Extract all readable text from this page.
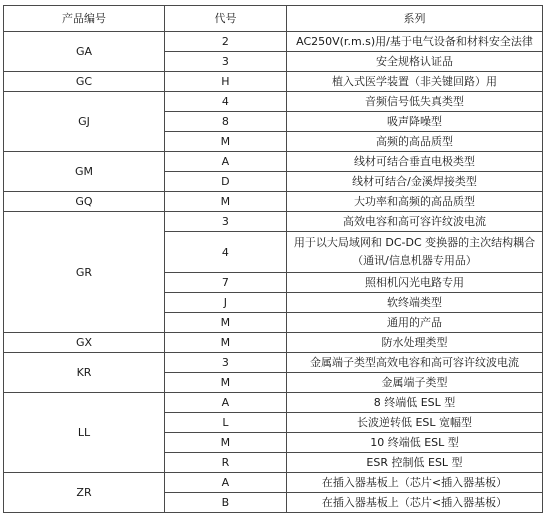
产品编号	代号	系列
GA	2	AC250V(r.m.s)用/基于电气设备和材料安全法律
	3	安全规格认证品
GC	H	植入式医学装置（非关键回路）用
GJ	4	音频信号低失真类型
	8	吸声降噪型
	M	高频的高品质型
GM	A	线材可结合垂直电极类型
	D	线材可结合/金溪焊接类型
GQ	M	大功率和高频的高品质型
GR	3	高效电容和高可容许纹波电流
	4	用于以大局域网和 DC-DC 变换器的主次结构耦合（通讯/信息机器专用品）
	7	照相机闪光电路专用
	J	软终端类型
	M	通用的产品
GX	M	防水处理类型
KR	3	金属端子类型高效电容和高可容许纹波电流
	M	金属端子类型
LL	A	8 终端低 ESL 型
	L	长波逆转低 ESL 宽幅型
	M	10 终端低 ESL 型
	R	ESR 控制低 ESL 型
ZR	A	在插入器基板上（芯片<插入器基板）
	B	在插入器基板上（芯片<插入器基板）
